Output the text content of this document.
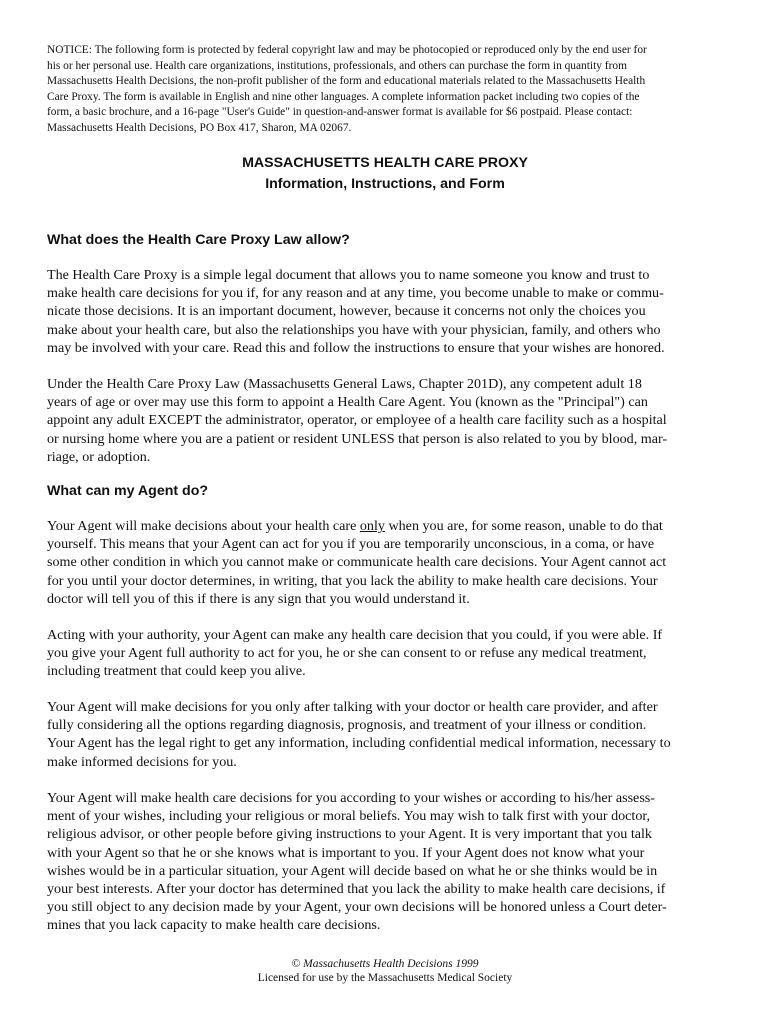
NOTICE: The following form is protected by federal copyright law and may be photocopied or reproduced only by the end user for
his or her personal use. Health care organizations, institutions, professionals, and others can purchase the form in quantity from
Massachusetts Health Decisions, the non-profit publisher of the form and educational materials related to the Massachusetts Health
Care Proxy. The form is available in English and nine other languages. A complete information packet including two copies of the
form, a basic brochure, and a 16-page "User's Guide" in question-and-answer format is available for $6 postpaid. Please contact:
Massachusetts Health Decisions, PO Box 417, Sharon, MA 02067.
MASSACHUSETTS HEALTH CARE PROXY
Information, Instructions, and Form
What does the Health Care Proxy Law allow?
The Health Care Proxy is a simple legal document that allows you to name someone you know and trust to
make health care decisions for you if, for any reason and at any time, you become unable to make or commu-
nicate those decisions. It is an important document, however, because it concerns not only the choices you
make about your health care, but also the relationships you have with your physician, family, and others who
may be involved with your care. Read this and follow the instructions to ensure that your wishes are honored.
Under the Health Care Proxy Law (Massachusetts General Laws, Chapter 201D), any competent adult 18
years of age or over may use this form to appoint a Health Care Agent. You (known as the "Principal") can
appoint any adult EXCEPT the administrator, operator, or employee of a health care facility such as a hospital
or nursing home where you are a patient or resident UNLESS that person is also related to you by blood, mar-
riage, or adoption.
What can my Agent do?
Your Agent will make decisions about your health care only when you are, for some reason, unable to do that
yourself. This means that your Agent can act for you if you are temporarily unconscious, in a coma, or have
some other condition in which you cannot make or communicate health care decisions. Your Agent cannot act
for you until your doctor determines, in writing, that you lack the ability to make health care decisions. Your
doctor will tell you of this if there is any sign that you would understand it.
Acting with your authority, your Agent can make any health care decision that you could, if you were able. If
you give your Agent full authority to act for you, he or she can consent to or refuse any medical treatment,
including treatment that could keep you alive.
Your Agent will make decisions for you only after talking with your doctor or health care provider, and after
fully considering all the options regarding diagnosis, prognosis, and treatment of your illness or condition.
Your Agent has the legal right to get any information, including confidential medical information, necessary to
make informed decisions for you.
Your Agent will make health care decisions for you according to your wishes or according to his/her assess-
ment of your wishes, including your religious or moral beliefs. You may wish to talk first with your doctor,
religious advisor, or other people before giving instructions to your Agent. It is very important that you talk
with your Agent so that he or she knows what is important to you. If your Agent does not know what your
wishes would be in a particular situation, your Agent will decide based on what he or she thinks would be in
your best interests. After your doctor has determined that you lack the ability to make health care decisions, if
you still object to any decision made by your Agent, your own decisions will be honored unless a Court deter-
mines that you lack capacity to make health care decisions.
© Massachusetts Health Decisions 1999
Licensed for use by the Massachusetts Medical Society
